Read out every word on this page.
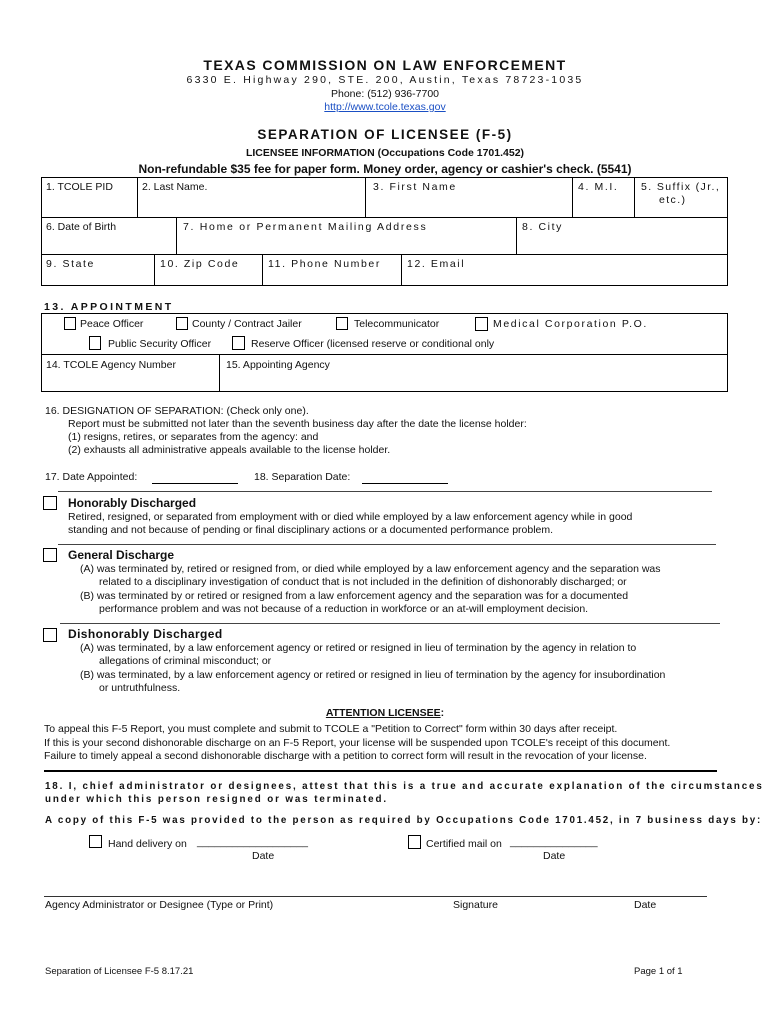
TEXAS COMMISSION ON LAW ENFORCEMENT
6330 E. Highway 290, STE. 200, Austin, Texas 78723-1035
Phone: (512) 936-7700
http://www.tcole.texas.gov
SEPARATION OF LICENSEE (F-5)
LICENSEE INFORMATION (Occupations Code 1701.452)
Non-refundable $35 fee for paper form. Money order, agency or cashier's check. (5541)
1. TCOLE PID	2. Last Name.	3. First Name	4. M.I. 5. Suffix (Jr.,
etc.)
6. Date of Birth	7. Home or Permanent Mailing Address	8. City
9. State	10. Zip Code	11. Phone Number 12. Email
13. APPOINTMENT
Peace Officer	County / Contract Jailer	Telecommunicator	Medical Corporation P.O.
Public Security Officer	Reserve Officer (licensed reserve or conditional only
14. TCOLE Agency Number	15. Appointing Agency
16. DESIGNATION OF SEPARATION: (Check only one).
Report must be submitted not later than the seventh business day after the date the license holder:
(1) resigns, retires, or separates from the agency: and
(2) exhausts all administrative appeals available to the license holder.
17. Date Appointed:	18. Separation Date:
Honorably Discharged
Retired, resigned, or separated from employment with or died while employed by a law enforcement agency while in good
standing and not because of pending or final disciplinary actions or a documented performance problem.
General Discharge
(A) was terminated by, retired or resigned from, or died while employed by a law enforcement agency and the separation was
related to a disciplinary investigation of conduct that is not included in the definition of dishonorably discharged; or
(B) was terminated by or retired or resigned from a law enforcement agency and the separation was for a documented
performance problem and was not because of a reduction in workforce or an at-will employment decision.
Dishonorably Discharged
(A) was terminated, by a law enforcement agency or retired or resigned in lieu of termination by the agency in relation to
allegations of criminal misconduct; or
(B) was terminated, by a law enforcement agency or retired or resigned in lieu of termination by the agency for insubordination
or untruthfulness.
ATTENTION LICENSEE:
To appeal this F-5 Report, you must complete and submit to TCOLE a "Petition to Correct" form within 30 days after receipt.
If this is your second dishonorable discharge on an F-5 Report, your license will be suspended upon TCOLE's receipt of this document.
Failure to timely appeal a second dishonorable discharge with a petition to correct form will result in the revocation of your license.
18. I, chief administrator or designees, attest that this is a true and accurate explanation of the circumstances
under which this person resigned or was terminated.
A copy of this F-5 was provided to the person as required by Occupations Code 1701.452, in 7 business days by:
Hand delivery on ___________________
Date
Certified mail on _______________
Date
Agency Administrator or Designee (Type or Print)	Signature	Date
Separation of Licensee F-5 8.17.21	Page 1 of 1
